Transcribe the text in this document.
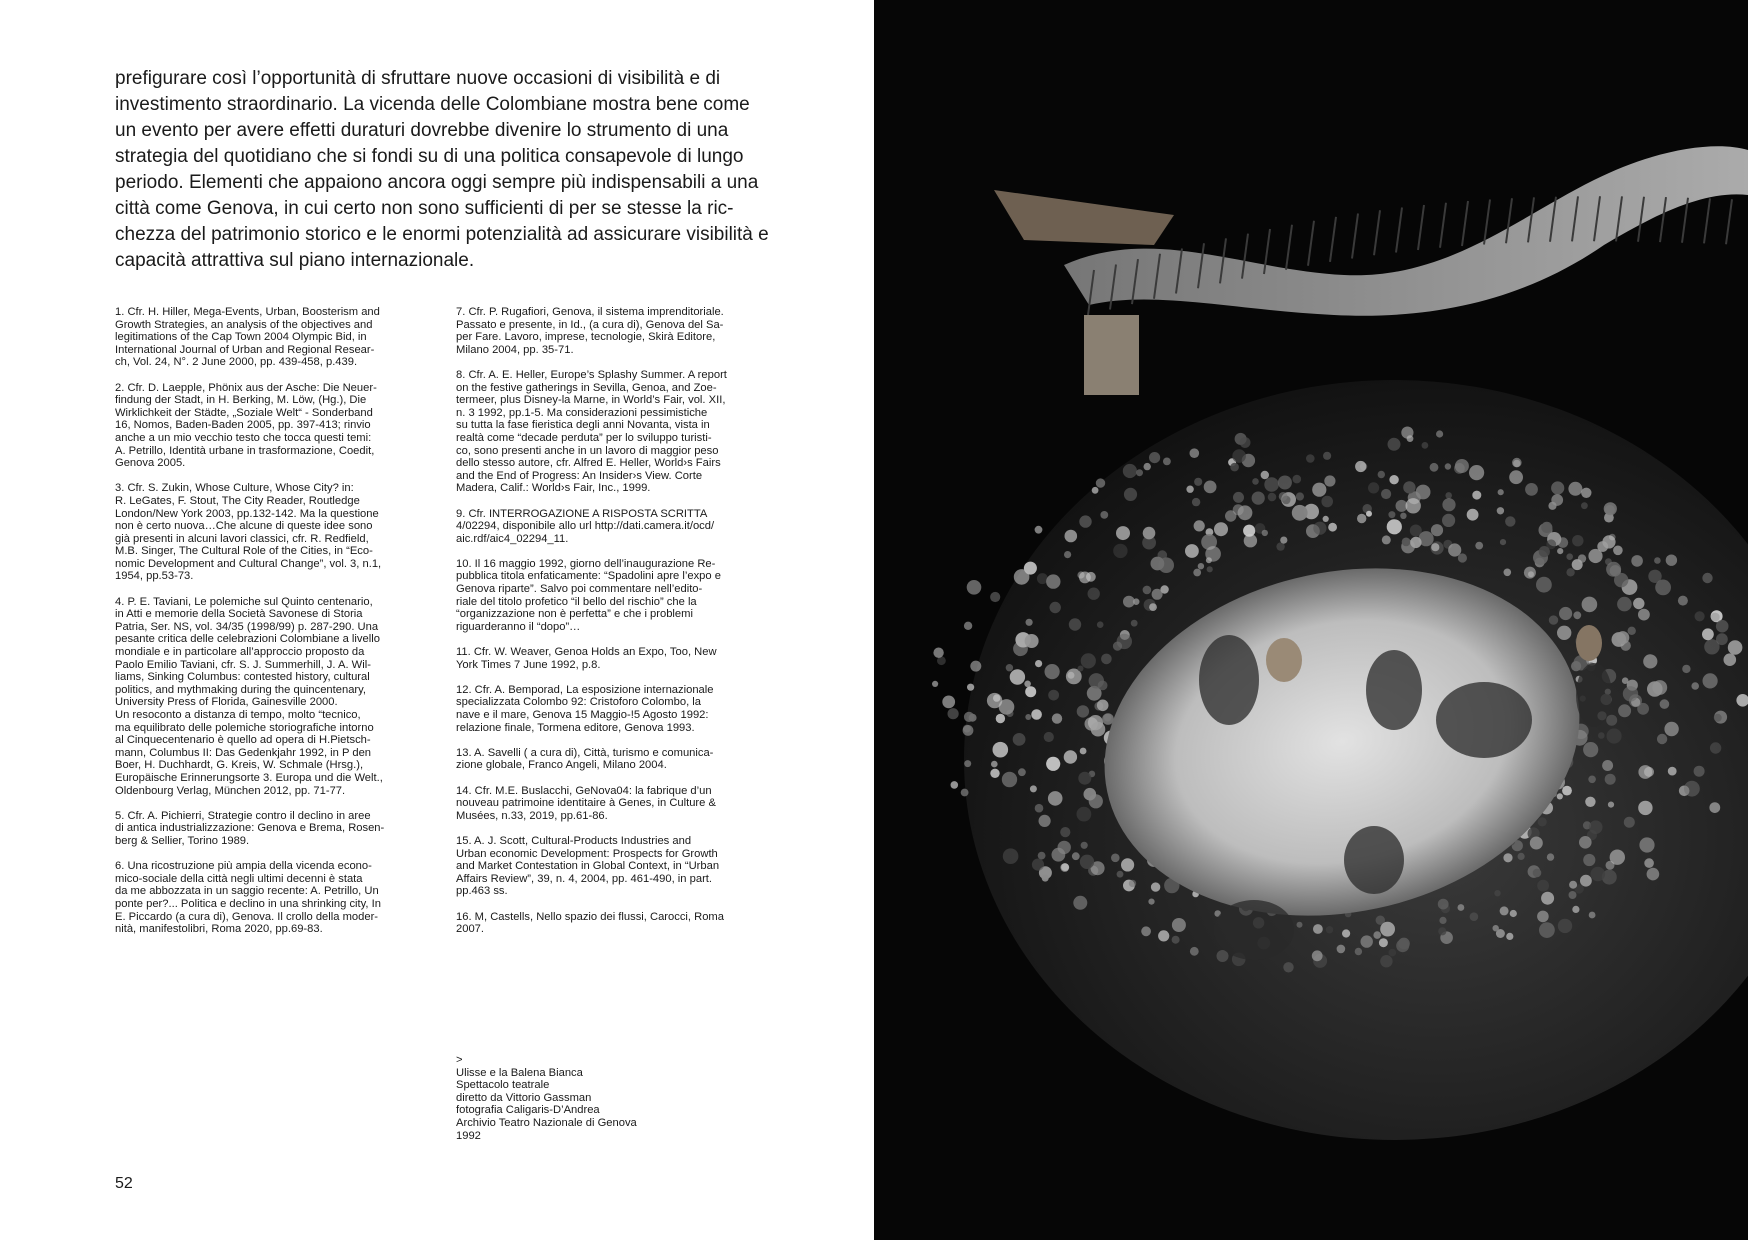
prefigurare così l’opportunità di sfruttare nuove occasioni di visibilità e di
investimento straordinario. La vicenda delle Colombiane mostra bene come
un evento per avere effetti duraturi dovrebbe divenire lo strumento di una
strategia del quotidiano che si fondi su di una politica consapevole di lungo
periodo. Elementi che appaiono ancora oggi sempre più indispensabili a una
città come Genova, in cui certo non sono sufficienti di per se stesse la ric-
chezza del patrimonio storico e le enormi potenzialità ad assicurare visibilità e
capacità attrattiva sul piano internazionale.
1. Cfr. H. Hiller, Mega-Events, Urban, Boosterism and
Growth Strategies, an analysis of the objectives and
legitimations of the Cap Town 2004 Olympic Bid, in
International Journal of Urban and Regional Resear-
ch, Vol. 24, N°. 2 June 2000, pp. 439-458, p.439.
2. Cfr. D. Laepple, Phönix aus der Asche: Die Neuer-
findung der Stadt, in H. Berking, M. Löw, (Hg.), Die
Wirklichkeit der Städte, „Soziale Welt“ - Sonderband
16, Nomos, Baden-Baden 2005, pp. 397-413; rinvio
anche a un mio vecchio testo che tocca questi temi:
A. Petrillo, Identità urbane in trasformazione, Coedit,
Genova 2005.
3. Cfr. S. Zukin, Whose Culture, Whose City? in:
R. LeGates, F. Stout, The City Reader, Routledge
London/New York 2003, pp.132-142. Ma la questione
non è certo nuova…Che alcune di queste idee sono
già presenti in alcuni lavori classici, cfr. R. Redfield,
M.B. Singer, The Cultural Role of the Cities, in “Eco-
nomic Development and Cultural Change”, vol. 3, n.1,
1954, pp.53-73.
4. P. E. Taviani, Le polemiche sul Quinto centenario,
in Atti e memorie della Società Savonese di Storia
Patria, Ser. NS, vol. 34/35 (1998/99) p. 287-290. Una
pesante critica delle celebrazioni Colombiane a livello
mondiale e in particolare all’approccio proposto da
Paolo Emilio Taviani, cfr. S. J. Summerhill, J. A. Wil-
liams, Sinking Columbus: contested history, cultural
politics, and mythmaking during the quincentenary,
University Press of Florida, Gainesville 2000.
Un resoconto a distanza di tempo, molto “tecnico,
ma equilibrato delle polemiche storiografiche intorno
al Cinquecentenario è quello ad opera di H.Pietsch-
mann, Columbus II: Das Gedenkjahr 1992, in P den
Boer, H. Duchhardt, G. Kreis, W. Schmale (Hrsg.),
Europäische Erinnerungsorte 3. Europa und die Welt.,
Oldenbourg Verlag, München 2012, pp. 71-77.
5. Cfr. A. Pichierri, Strategie contro il declino in aree
di antica industrializzazione: Genova e Brema, Rosen-
berg & Sellier, Torino 1989.
6. Una ricostruzione più ampia della vicenda econo-
mico-sociale della città negli ultimi decenni è stata
da me abbozzata in un saggio recente: A. Petrillo, Un
ponte per?... Politica e declino in una shrinking city, In
E. Piccardo (a cura di), Genova. Il crollo della moder-
nità, manifestolibri, Roma 2020, pp.69-83.
7. Cfr. P. Rugafiori, Genova, il sistema imprenditoriale.
Passato e presente, in Id., (a cura di), Genova del Sa-
per Fare. Lavoro, imprese, tecnologie, Skirà Editore,
Milano 2004, pp. 35-71.
8. Cfr. A. E. Heller, Europe’s Splashy Summer. A report
on the festive gatherings in Sevilla, Genoa, and Zoe-
termeer, plus Disney-la Marne, in World’s Fair, vol. XII,
n. 3 1992, pp.1-5. Ma considerazioni pessimistiche
su tutta la fase fieristica degli anni Novanta, vista in
realtà come “decade perduta” per lo sviluppo turisti-
co, sono presenti anche in un lavoro di maggior peso
dello stesso autore, cfr. Alfred E. Heller, World›s Fairs
and the End of Progress: An Insider›s View. Corte
Madera, Calif.: World›s Fair, Inc., 1999.
9. Cfr. INTERROGAZIONE A RISPOSTA SCRITTA
4/02294, disponibile allo url http://dati.camera.it/ocd/
aic.rdf/aic4_02294_11.
10. Il 16 maggio 1992, giorno dell’inaugurazione Re-
pubblica titola enfaticamente: “Spadolini apre l’expo e
Genova riparte”. Salvo poi commentare nell’edito-
riale del titolo profetico “il bello del rischio” che la
“organizzazione non è perfetta” e che i problemi
riguarderanno il “dopo”…
11. Cfr. W. Weaver, Genoa Holds an Expo, Too, New
York Times 7 June 1992, p.8.
12. Cfr. A. Bemporad, La esposizione internazionale
specializzata Colombo 92: Cristoforo Colombo, la
nave e il mare, Genova 15 Maggio-!5 Agosto 1992:
relazione finale, Tormena editore, Genova 1993.
13. A. Savelli ( a cura di), Città, turismo e comunica-
zione globale, Franco Angeli, Milano 2004.
14. Cfr. M.E. Buslacchi, GeNova04: la fabrique d’un
nouveau patrimoine identitaire à Genes, in Culture &
Musées, n.33, 2019, pp.61-86.
15. A. J. Scott, Cultural-Products Industries and
Urban economic Development: Prospects for Growth
and Market Contestation in Global Context, in “Urban
Affairs Review”, 39, n. 4, 2004, pp. 461-490, in part.
pp.463 ss.
16. M, Castells, Nello spazio dei flussi, Carocci, Roma
2007.
>
Ulisse e la Balena Bianca
Spettacolo teatrale
diretto da Vittorio Gassman
fotografia Caligaris-D’Andrea
Archivio Teatro Nazionale di Genova
1992
52
